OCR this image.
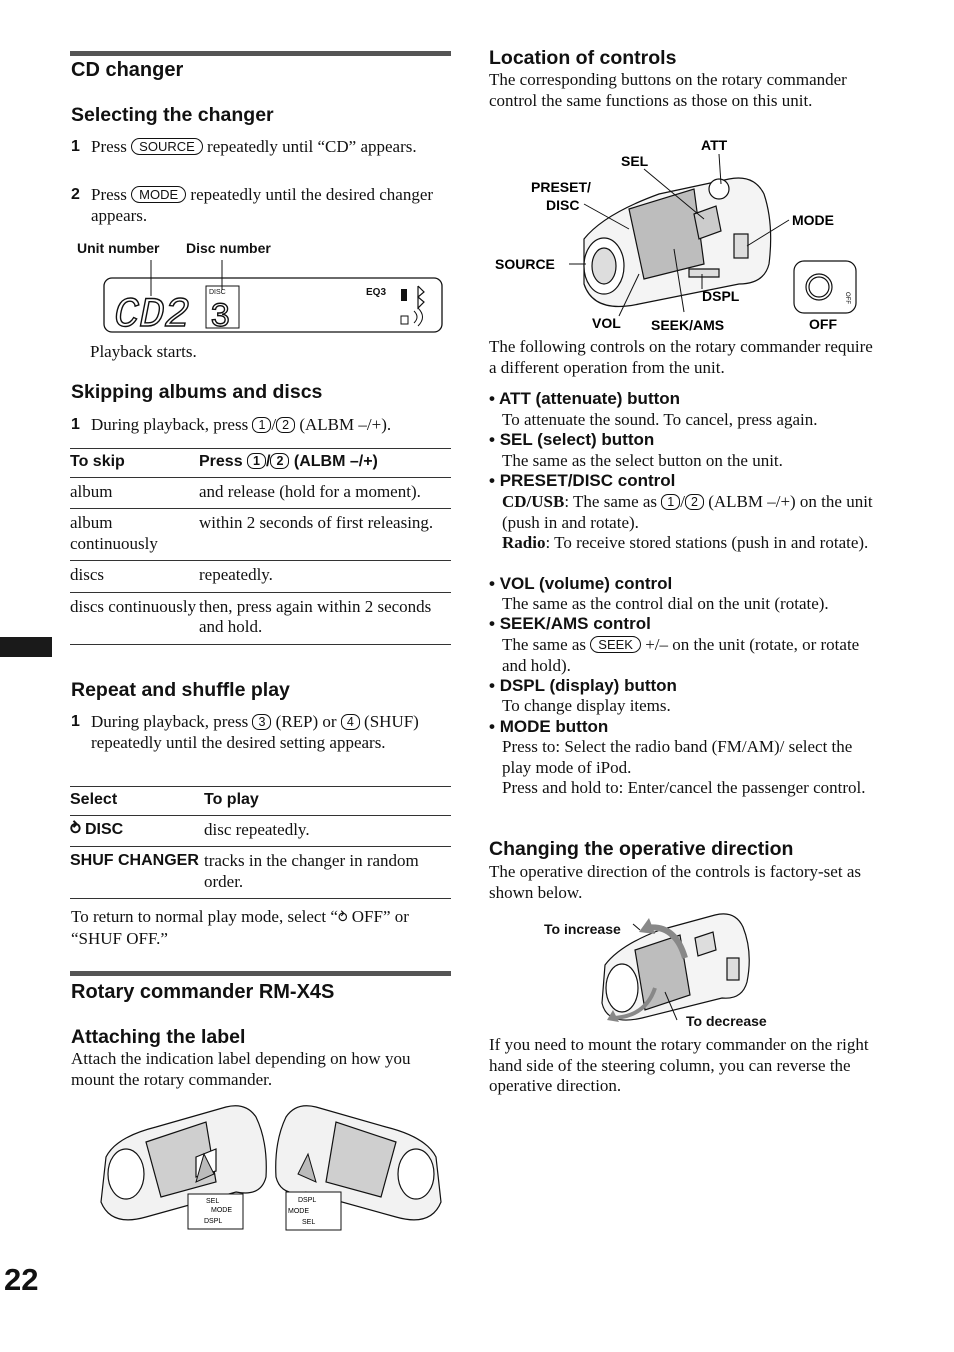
CD changer
Selecting the changer
1 Press SOURCE repeatedly until “CD” appears.
2 Press MODE repeatedly until the desired changer appears.
Unit number Disc number
CD2	DISC
3
EQ3
Playback starts.
Skipping albums and discs
1 During playback, press 1 / 2 (ALBM –/+).
To skip	Press 1 / 2 (ALBM –/+)
album	and release (hold for a moment).
album continuously	within 2 seconds of first releasing.
discs	repeatedly.
discs continuously	then, press again within 2 seconds and hold.
Repeat and shuffle play
1 During playback, press 3 (REP) or 4 (SHUF) repeatedly until the desired setting appears.
Select	To play
⥁ DISC	disc repeatedly.
SHUF CHANGER	tracks in the changer in random order.
To return to normal play mode, select “⥁ OFF” or “SHUF OFF.”
Rotary commander RM-X4S
Attaching the label
Attach the indication label depending on how you mount the rotary commander.
SEL
MODE
DSPL
DSPL
MODE
SEL
22
Location of controls
The corresponding buttons on the rotary commander control the same functions as those on this unit.
OFF
ATT
SEL
PRESET/
DISC
MODE
SOURCE
DSPL
VOL SEEK/AMS	OFF
The following controls on the rotary commander require a different operation from the unit.
• ATT (attenuate) button
To attenuate the sound. To cancel, press again.
• SEL (select) button
The same as the select button on the unit.
• PRESET/DISC control
CD/USB: The same as 1 / 2 (ALBM –/+) on the unit (push in and rotate).
Radio: To receive stored stations (push in and rotate).
• VOL (volume) control
The same as the control dial on the unit (rotate).
• SEEK/AMS control
The same as SEEK +/– on the unit (rotate, or rotate and hold).
• DSPL (display) button
To change display items.
• MODE button
Press to: Select the radio band (FM/AM)/ select the play mode of iPod.
Press and hold to: Enter/cancel the passenger control.
Changing the operative direction
The operative direction of the controls is factory-set as shown below.
To increase
To decrease
If you need to mount the rotary commander on the right hand side of the steering column, you can reverse the operative direction.
